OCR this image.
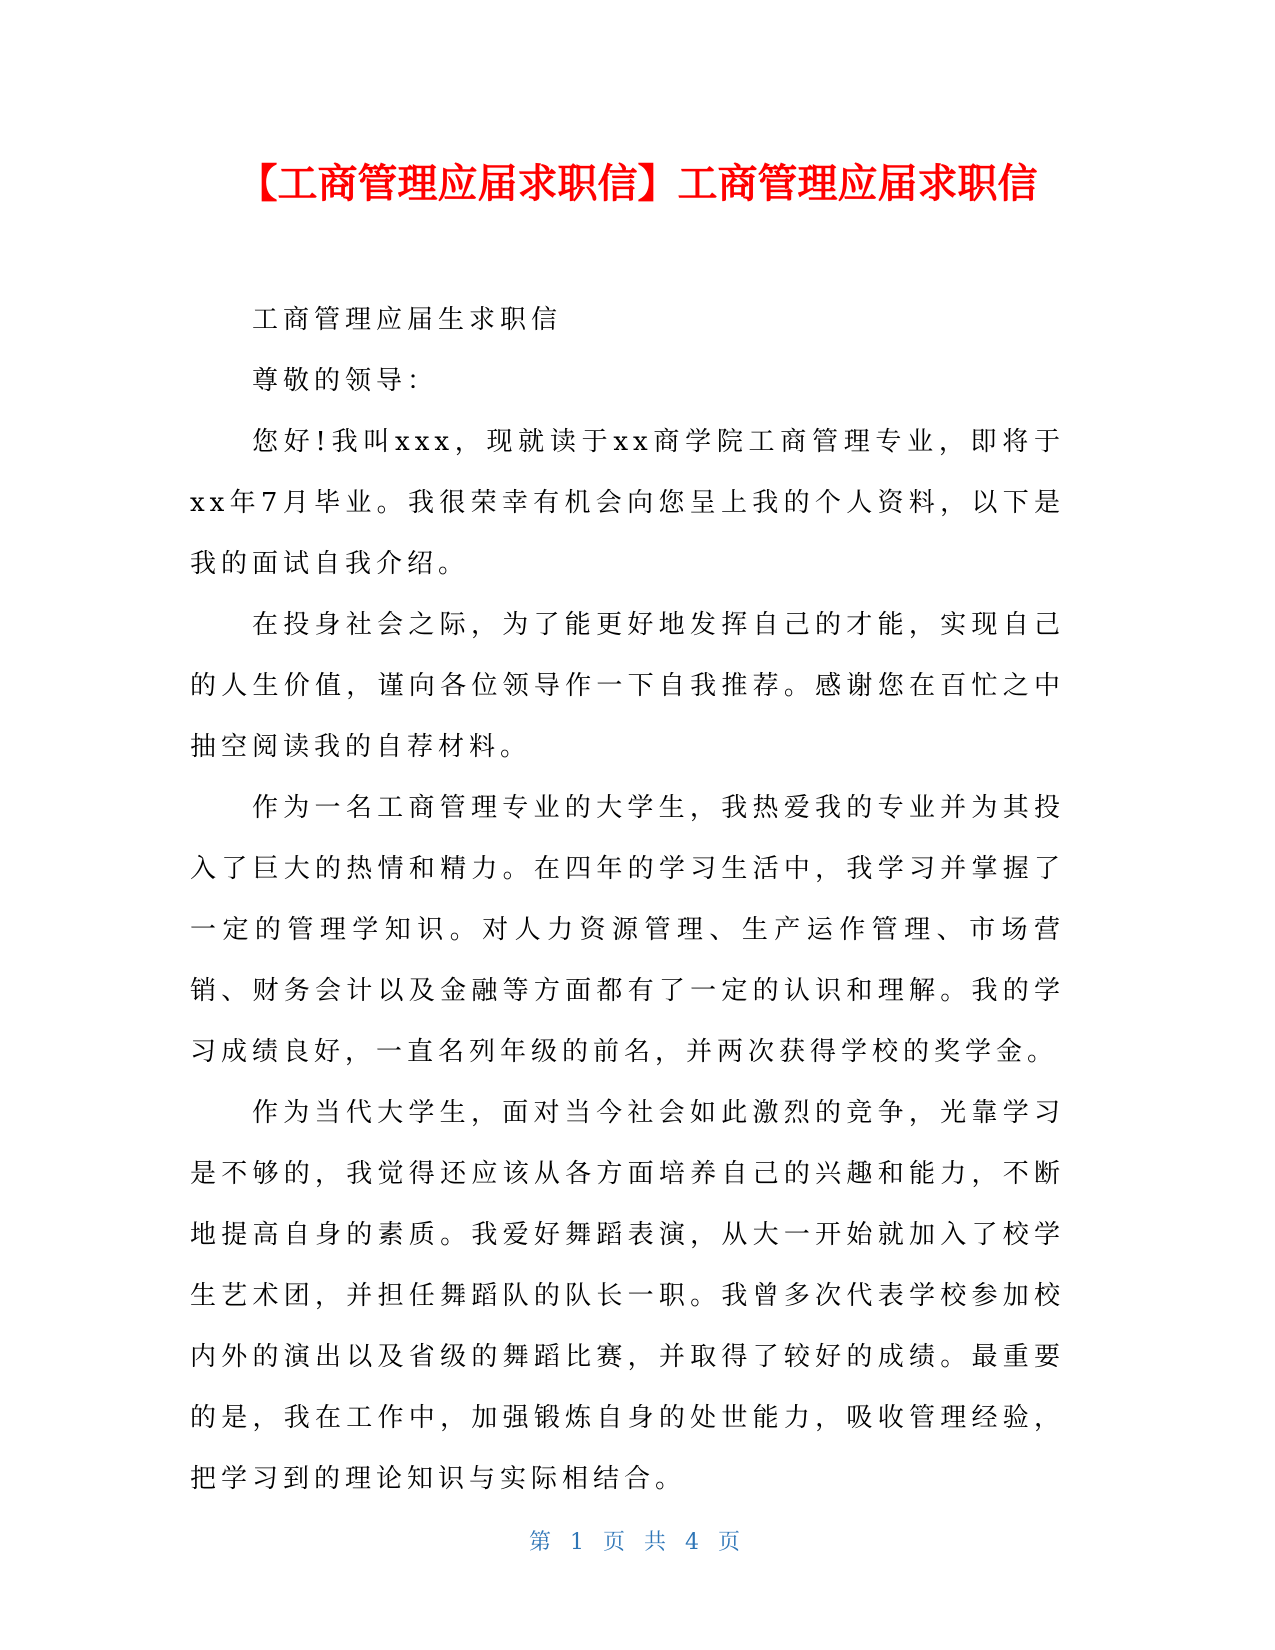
【工商管理应届求职信】工商管理应届求职信

工商管理应届生求职信

尊敬的领导：

您好!我叫xxx，现就读于xx商学院工商管理专业，即将于xx年7月毕业。我很荣幸有机会向您呈上我的个人资料，以下是我的面试自我介绍。

在投身社会之际，为了能更好地发挥自己的才能，实现自己的人生价值，谨向各位领导作一下自我推荐。感谢您在百忙之中抽空阅读我的自荐材料。

作为一名工商管理专业的大学生，我热爱我的专业并为其投入了巨大的热情和精力。在四年的学习生活中，我学习并掌握了一定的管理学知识。对人力资源管理、生产运作管理、市场营销、财务会计以及金融等方面都有了一定的认识和理解。我的学习成绩良好，一直名列年级的前名，并两次获得学校的奖学金。

作为当代大学生，面对当今社会如此激烈的竞争，光靠学习是不够的，我觉得还应该从各方面培养自己的兴趣和能力，不断地提高自身的素质。我爱好舞蹈表演，从大一开始就加入了校学生艺术团，并担任舞蹈队的队长一职。我曾多次代表学校参加校内外的演出以及省级的舞蹈比赛，并取得了较好的成绩。最重要的是，我在工作中，加强锻炼自身的处世能力，吸收管理经验，把学习到的理论知识与实际相结合。

第 1 页 共 4 页
